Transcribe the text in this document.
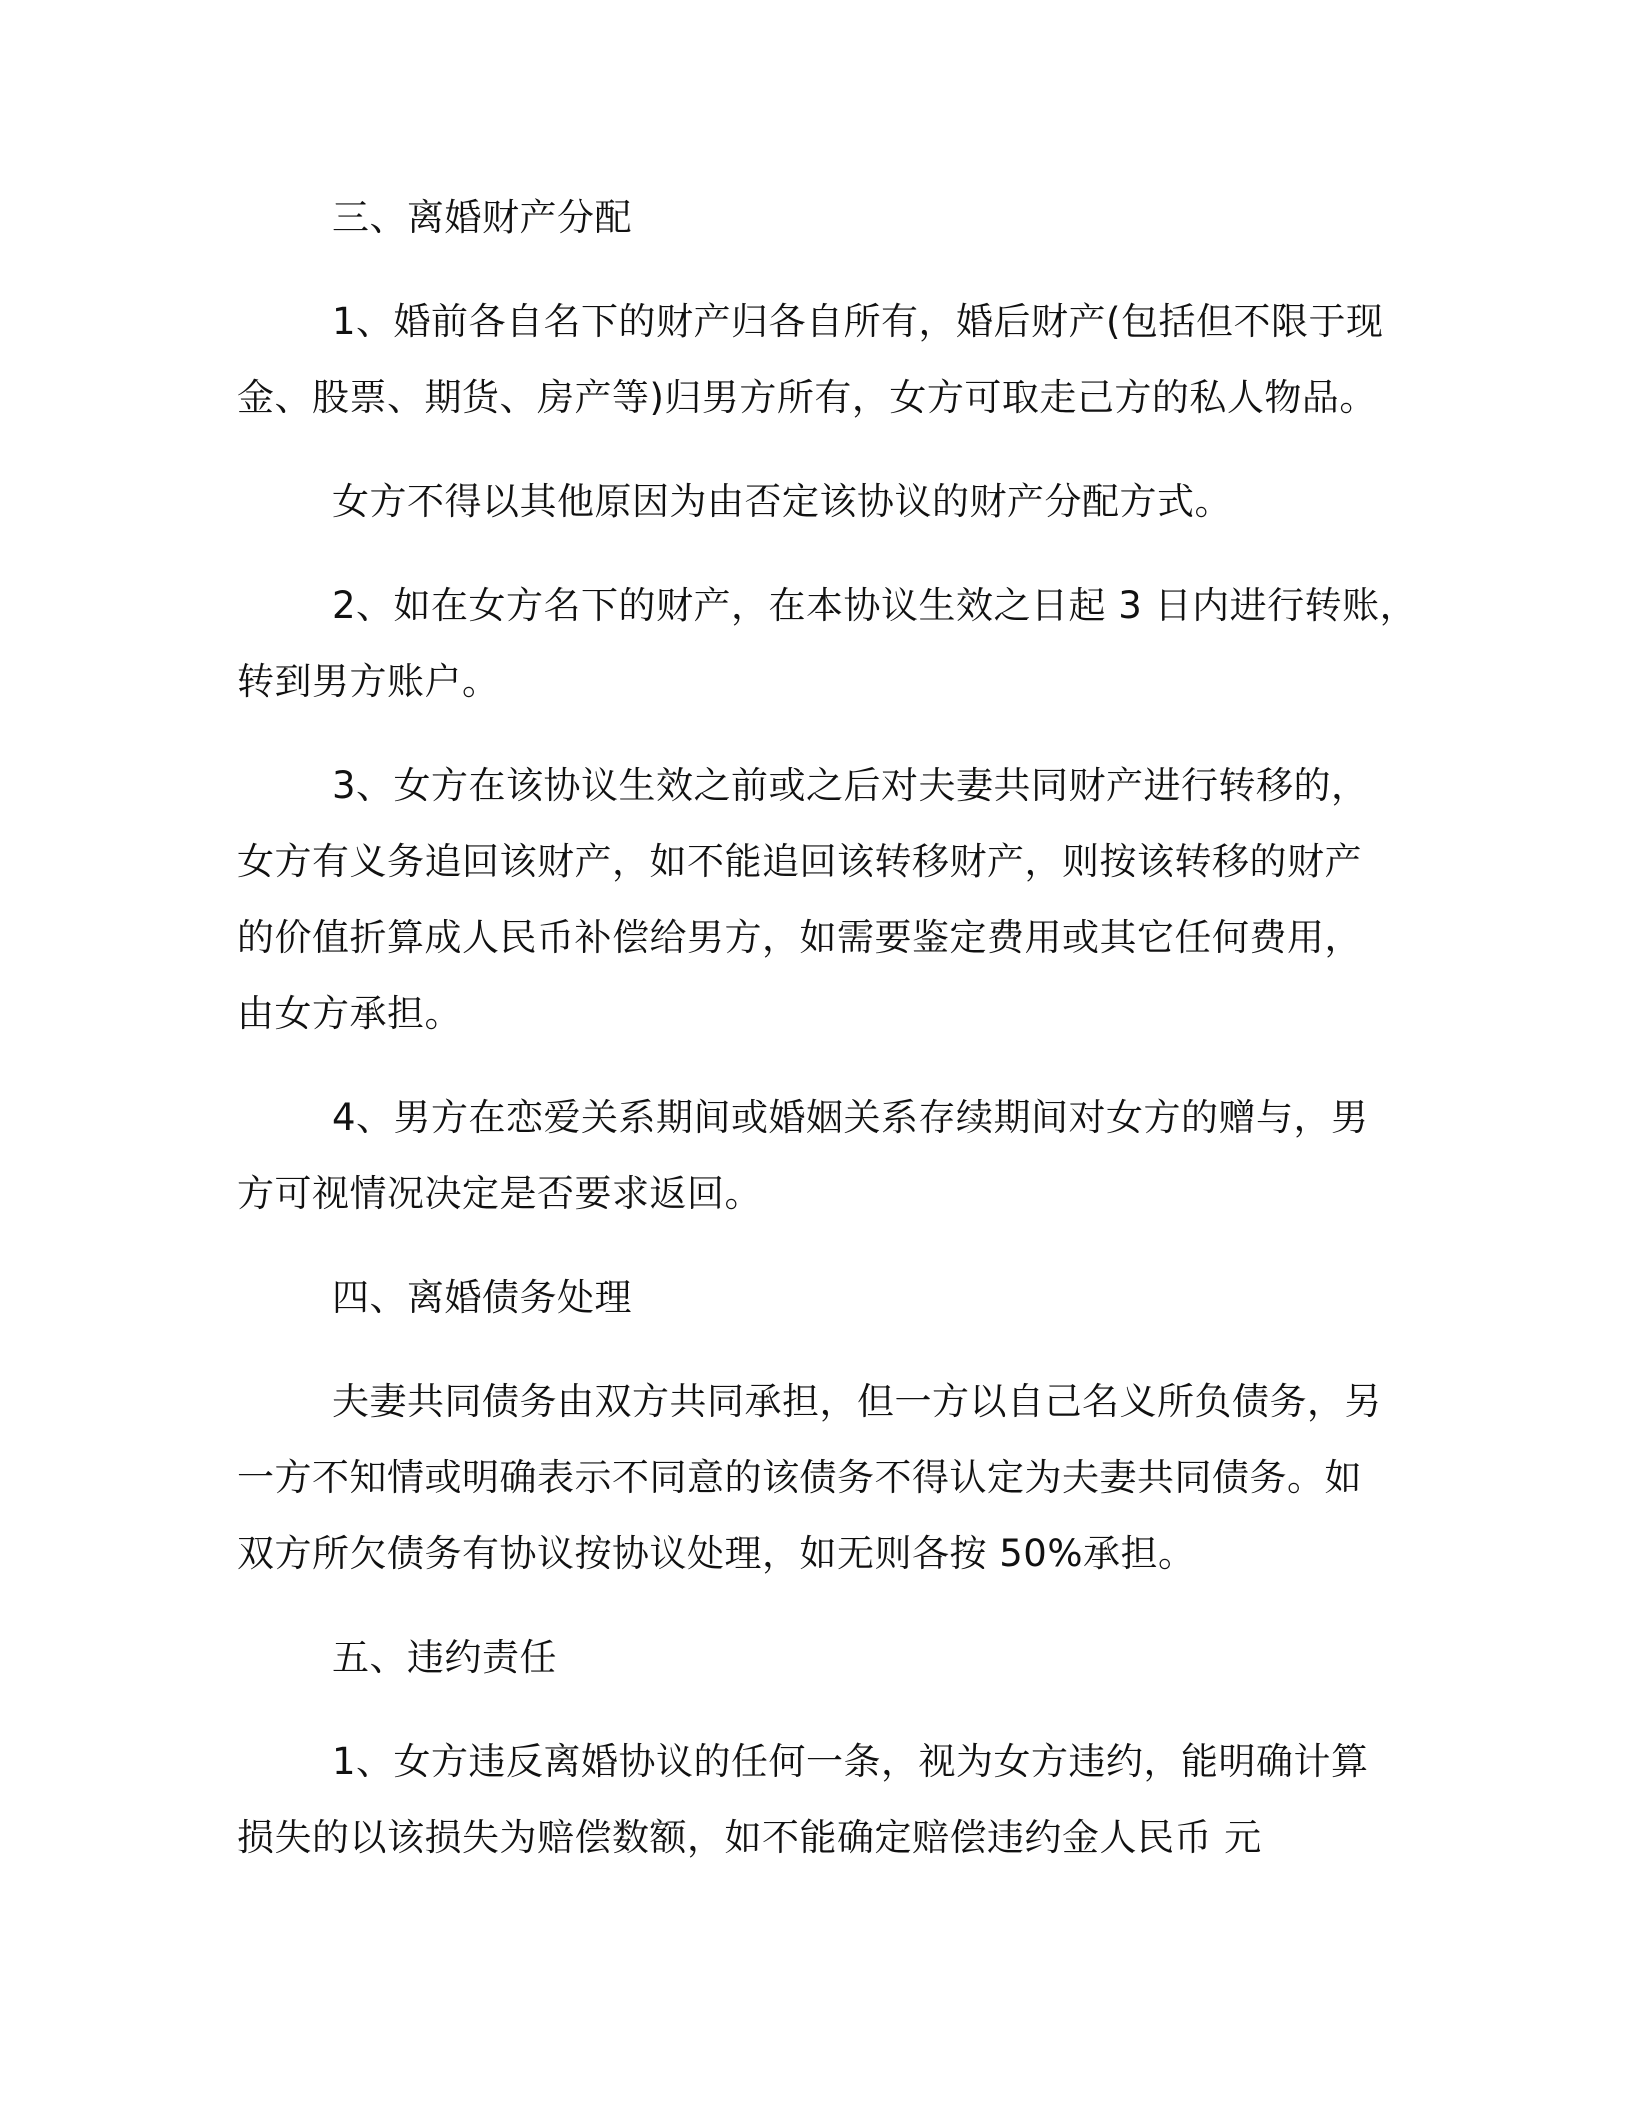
三、离婚财产分配
1、婚前各自名下的财产归各自所有，婚后财产(包括但不限于现
金、股票、期货、房产等)归男方所有，女方可取走己方的私人物品。
女方不得以其他原因为由否定该协议的财产分配方式。
2、如在女方名下的财产，在本协议生效之日起 3 日内进行转账，
转到男方账户。
3、女方在该协议生效之前或之后对夫妻共同财产进行转移的，
女方有义务追回该财产，如不能追回该转移财产，则按该转移的财产
的价值折算成人民币补偿给男方，如需要鉴定费用或其它任何费用，
由女方承担。
4、男方在恋爱关系期间或婚姻关系存续期间对女方的赠与，男
方可视情况决定是否要求返回。
四、离婚债务处理
夫妻共同债务由双方共同承担，但一方以自己名义所负债务，另
一方不知情或明确表示不同意的该债务不得认定为夫妻共同债务。如
双方所欠债务有协议按协议处理，如无则各按 50%承担。
五、违约责任
1、女方违反离婚协议的任何一条，视为女方违约，能明确计算
损失的以该损失为赔偿数额，如不能确定赔偿违约金人民币 元
